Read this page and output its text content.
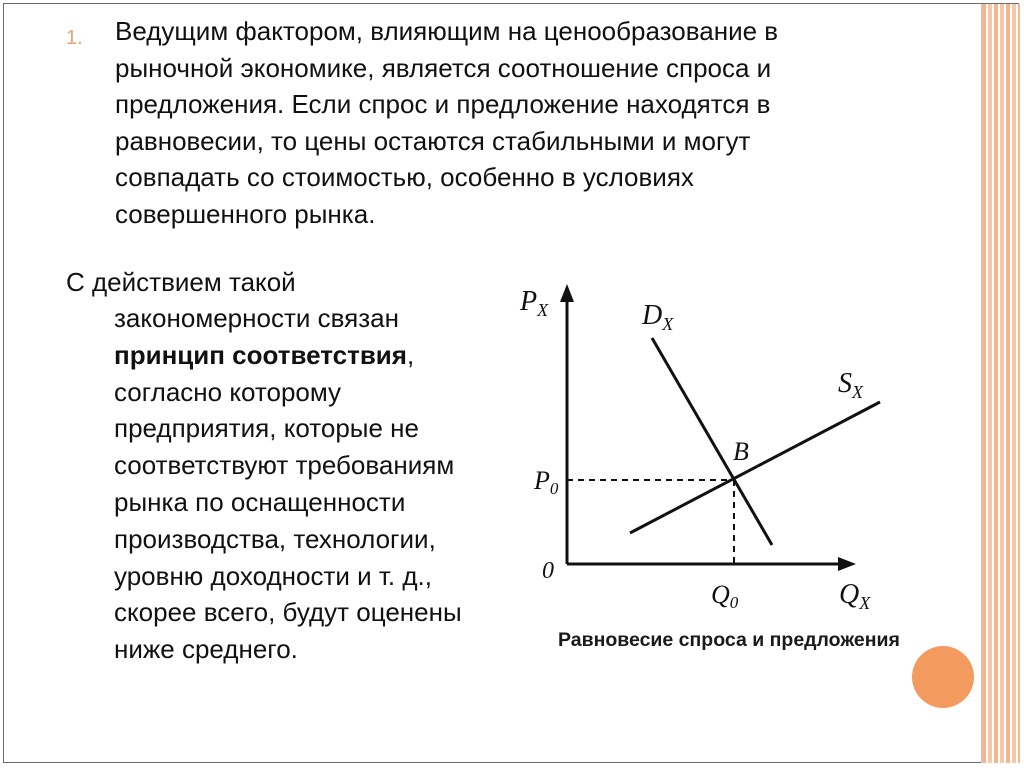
1. Ведущим фактором, влияющим на ценообразование в рыночной экономике, является соотношение спроса и предложения. Если спрос и предложение находятся в равновесии, то цены остаются стабильными и могут совпадать со стоимостью, особенно в условиях совершенного рынка.
С действием такой
закономерности связан
принцип соответствия, согласно которому предприятия, которые не соответствуют требованиям рынка по оснащенности производства, технологии, уровню доходности и т. д., скорее всего, будут оценены ниже среднего.
$P_X$	$D_X$
$S_X$
B
P0
0
Q0	$Q_X$
Равновесие спроса и предложения
